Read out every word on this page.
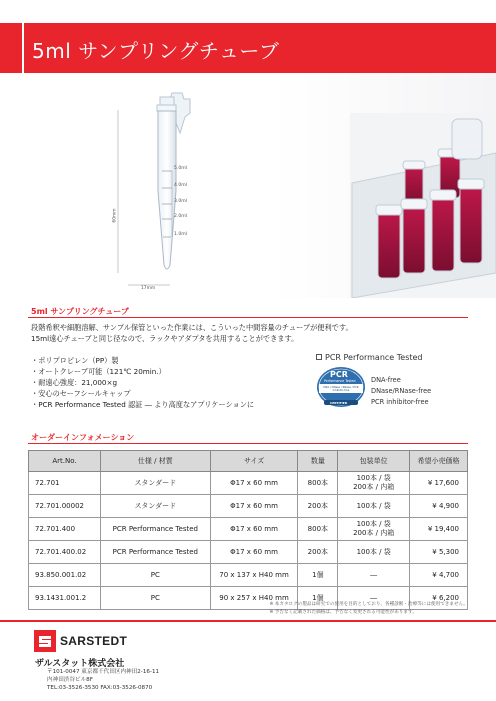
5ml サンプリングチューブ
5.0ml
4.0ml
3.0ml
2.0ml
1.0ml
60mm
17mm
5ml サンプリングチューブ
段階希釈や細胞溶解、サンプル保管といった作業には、こういった中間容量のチューブが便利です。
15ml遠心チューブと同じ径なので、ラックやアダプタを共用することができます。
・ポリプロピレン（PP）製
・オートクレーブ可能（121℃ 20min.）
・耐遠心強度：21,000×g
・安心のセーフシールキャップ
・PCR Performance Tested 認証 ― より高度なアプリケーションに
PCR Performance Tested
PCR
Performance Tested
DNA / DNase / RNase / PCR Inhibitor-free
CERTIFIED
DNA-free
DNase/RNase-free
PCR inhibitor-free
オーダーインフォメーション
Art.No.	仕様 / 材質	サイズ	数量	包装単位	希望小売価格
72.701	スタンダード	Φ17 x 60 mm	800本	100本 / 袋
200本 / 内箱	¥ 17,600
72.701.00002	スタンダード	Φ17 x 60 mm	200本	100本 / 袋	¥ 4,900
72.701.400	PCR Performance Tested	Φ17 x 60 mm	800本	100本 / 袋
200本 / 内箱	¥ 19,400
72.701.400.02	PCR Performance Tested	Φ17 x 60 mm	200本	100本 / 袋	¥ 5,300
93.850.001.02	PC	70 x 137 x H40 mm	1個	―	¥ 4,700
93.1431.001.2	PC	90 x 257 x H40 mm	1個	―	¥ 6,200
※ 本カタログの製品は研究での使用を目的としており、各種診断・治療等には使用できません。
※ 予告なく記載された価格は、予告なく変更される可能性があります。
SARSTEDT
ザルスタット株式会社
〒101-0047 東京都千代田区内神田2-16-11
内神田渋谷ビル8F
TEL:03-3526-3530 FAX:03-3526-0870
